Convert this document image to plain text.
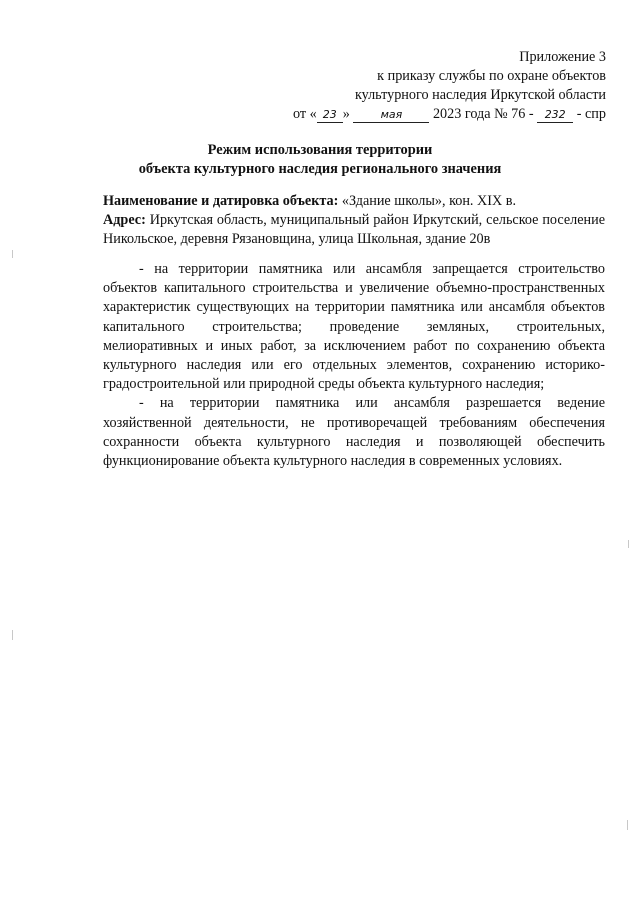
Приложение 3
к приказу службы по охране объектов
культурного наследия Иркутской области
от « 23 »	мая 2023 года № 76 - 232 - спр
Режим использования территории
объекта культурного наследия регионального значения
Наименование и датировка объекта: «Здание школы», кон. XIX в.
Адрес: Иркутская область, муниципальный район Иркутский, сельское поселение Никольское, деревня Рязановщина, улица Школьная, здание 20в

- на территории памятника или ансамбля запрещается строительство объектов капитального строительства и увеличение объемно-пространственных характеристик существующих на территории памятника или ансамбля объектов капитального строительства; проведение земляных, строительных, мелиоративных и иных работ, за исключением работ по сохранению объекта культурного наследия или его отдельных элементов, сохранению историко-градостроительной или природной среды объекта культурного наследия;

- на территории памятника или ансамбля разрешается ведение хозяйственной деятельности, не противоречащей требованиям обеспечения сохранности объекта культурного наследия и позволяющей обеспечить функционирование объекта культурного наследия в современных условиях.
